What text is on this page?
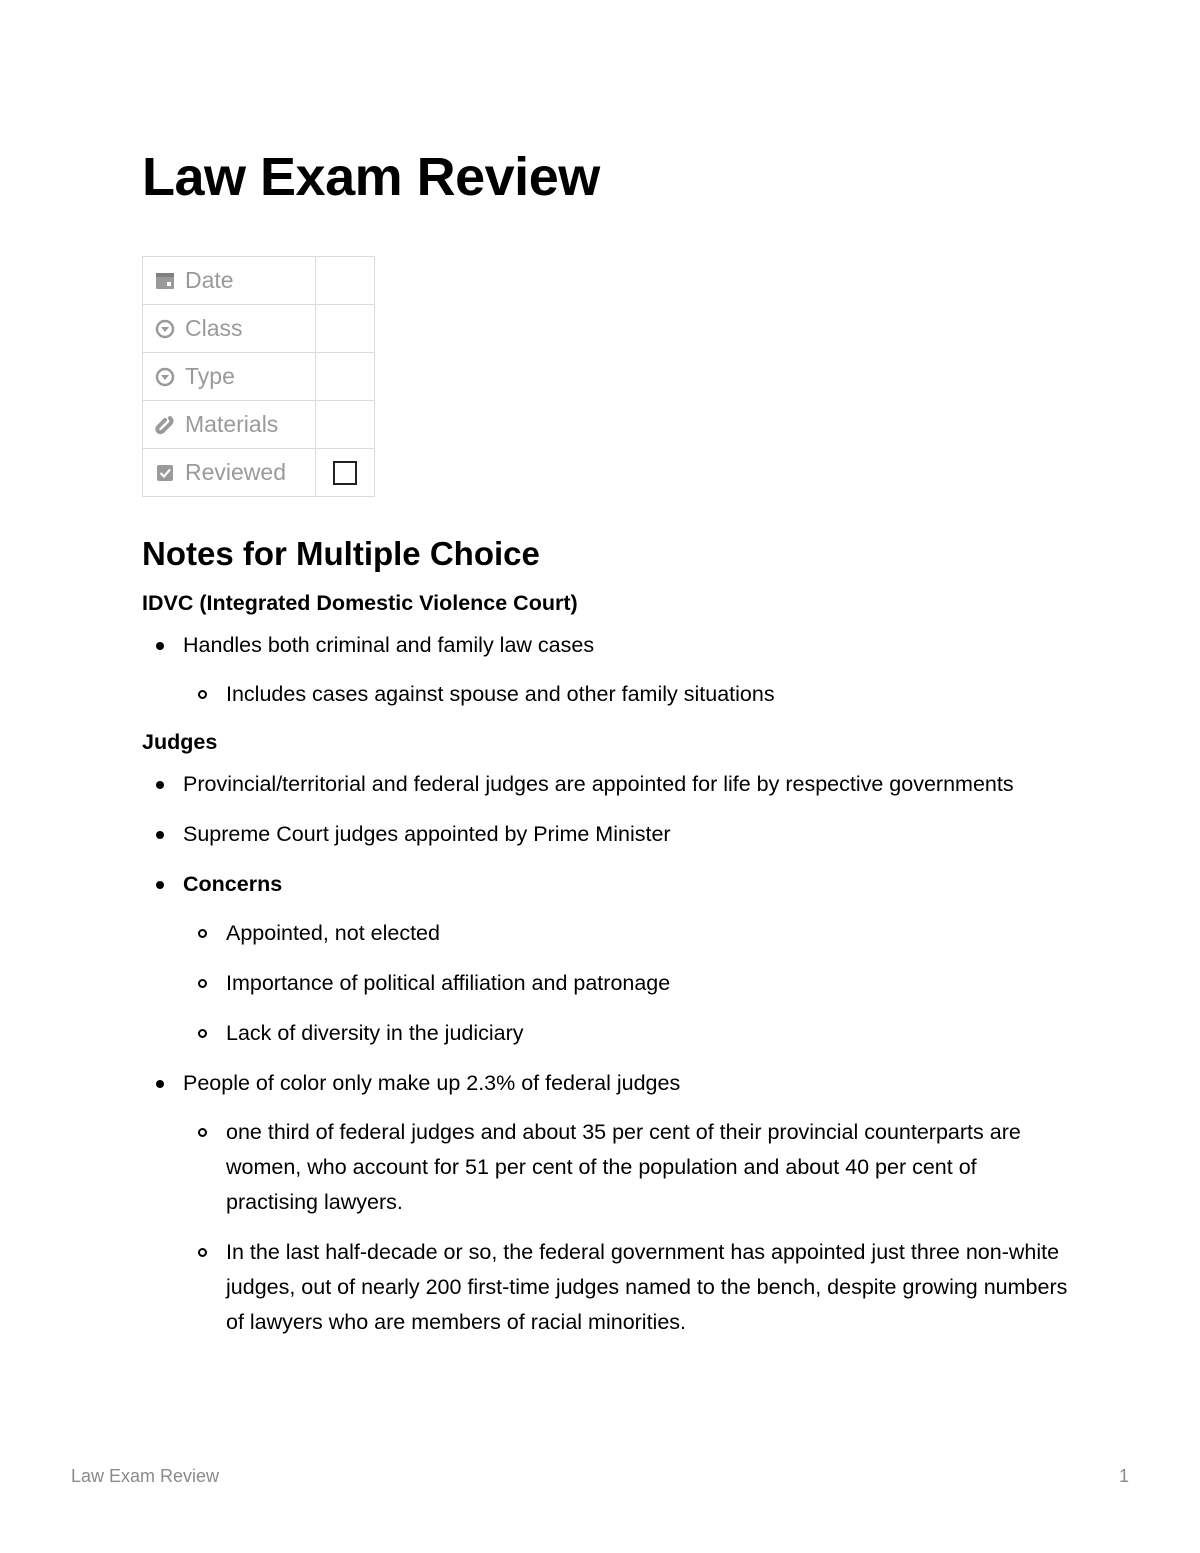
Law Exam Review
Date	
Class	
Type	
Materials	
Reviewed	
Notes for Multiple Choice
IDVC (Integrated Domestic Violence Court)
Handles both criminal and family law cases
Includes cases against spouse and other family situations
Judges
Provincial/territorial and federal judges are appointed for life by respective governments
Supreme Court judges appointed by Prime Minister
Concerns
Appointed, not elected
Importance of political affiliation and patronage
Lack of diversity in the judiciary
People of color only make up 2.3% of federal judges
one third of federal judges and about 35 per cent of their provincial counterparts are women, who account for 51 per cent of the population and about 40 per cent of practising lawyers.
In the last half-decade or so, the federal government has appointed just three non-white judges, out of nearly 200 first-time judges named to the bench, despite growing numbers of lawyers who are members of racial minorities.
Law Exam Review	1
